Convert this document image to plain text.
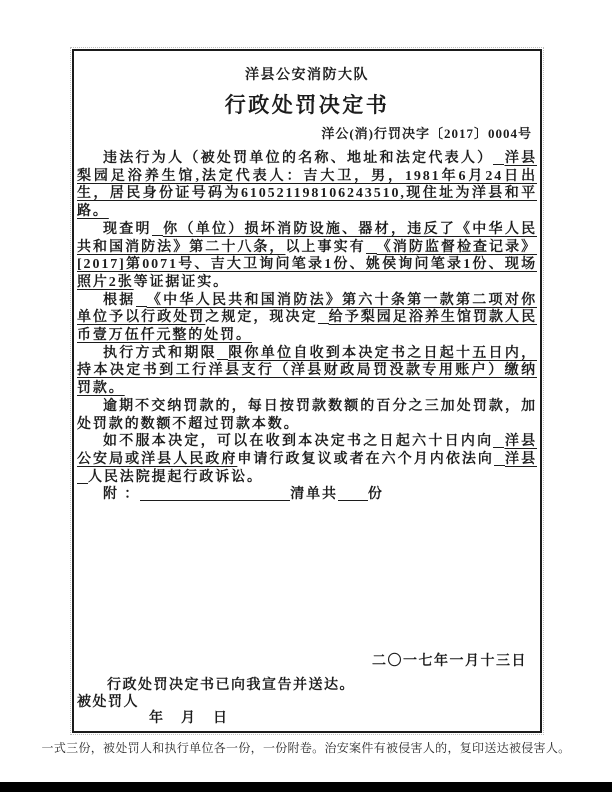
洋县公安消防大队
行政处罚决定书
洋公(消)行罚决字〔2017〕0004号

违法行为人（被处罚单位的名称、地址和法定代表人） 洋县梨园足浴养生馆,法定代表人：吉大卫，男，1981年6月24日出生，居民身份证号码为610521198106243510,现住址为洋县和平路。

现查明 你（单位）损坏消防设施、器材，违反了《中华人民共和国消防法》第二十八条，以上事实有 《消防监督检查记录》[2017]第0071号、吉大卫询问笔录1份、姚侯询问笔录1份、现场照片2张等证据证实。

根据 《中华人民共和国消防法》第六十条第一款第二项对你单位予以行政处罚之规定，现决定 给予梨园足浴养生馆罚款人民币壹万伍仟元整的处罚。

执行方式和期限 限你单位自收到本决定书之日起十五日内，持本决定书到工行洋县支行（洋县财政局罚没款专用账户）缴纳罚款。

逾期不交纳罚款的，每日按罚款数额的百分之三加处罚款，加处罚款的数额不超过罚款本数。

如不服本决定，可以在收到本决定书之日起六十日内向 洋县公安局或洋县人民政府申请行政复议或者在六个月内依法向 洋县人民法院提起行政诉讼。

附 ：	清单共 份

二〇一七年一月十三日
行政处罚决定书已向我宣告并送达。
被处罚人
年　月　日
一式三份，被处罚人和执行单位各一份，一份附卷。治安案件有被侵害人的，复印送达被侵害人。
